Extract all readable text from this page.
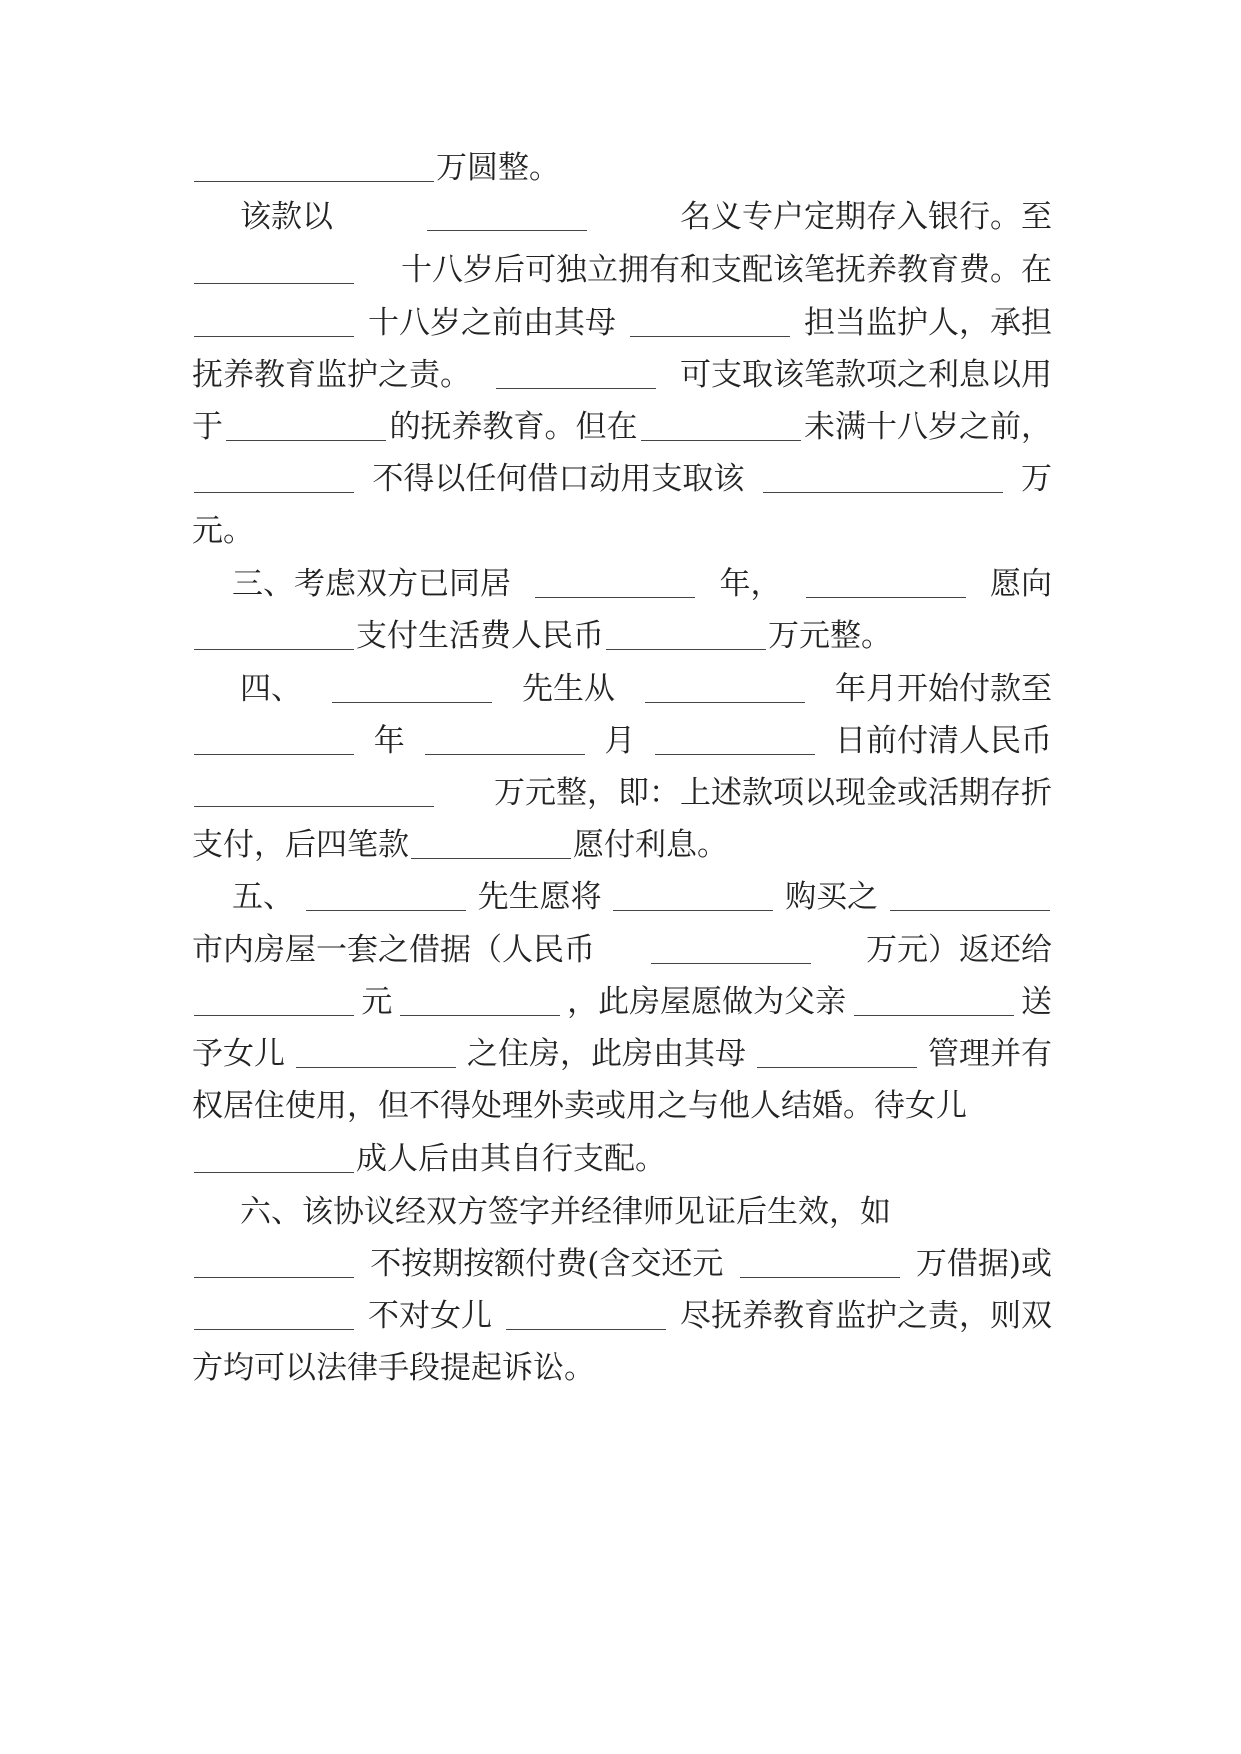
万圆整。
该款以	名义专户定期存入银行。至
十八岁后可独立拥有和支配该笔抚养教育费。在
十八岁之前由其母	担当监护人，承担
抚养教育监护之责。	可支取该笔款项之利息以用
于	的抚养教育。但在	未满十八岁之前，
不得以任何借口动用支取该	万
元。
三、考虑双方已同居	年，	愿向
支付生活费人民币	万元整。
四、	先生从	年月开始付款至
年	月	日前付清人民币
万元整，即：上述款项以现金或活期存折
支付，后四笔款	愿付利息。
五、	先生愿将	购买之
市内房屋一套之借据（人民币	万元）返还给
元	，此房屋愿做为父亲	送
予女儿	之住房，此房由其母	管理并有
权居住使用，但不得处理外卖或用之与他人结婚。待女儿
成人后由其自行支配。
六、该协议经双方签字并经律师见证后生效，如
不按期按额付费(含交还元	万借据)或
不对女儿	尽抚养教育监护之责，则双
方均可以法律手段提起诉讼。
